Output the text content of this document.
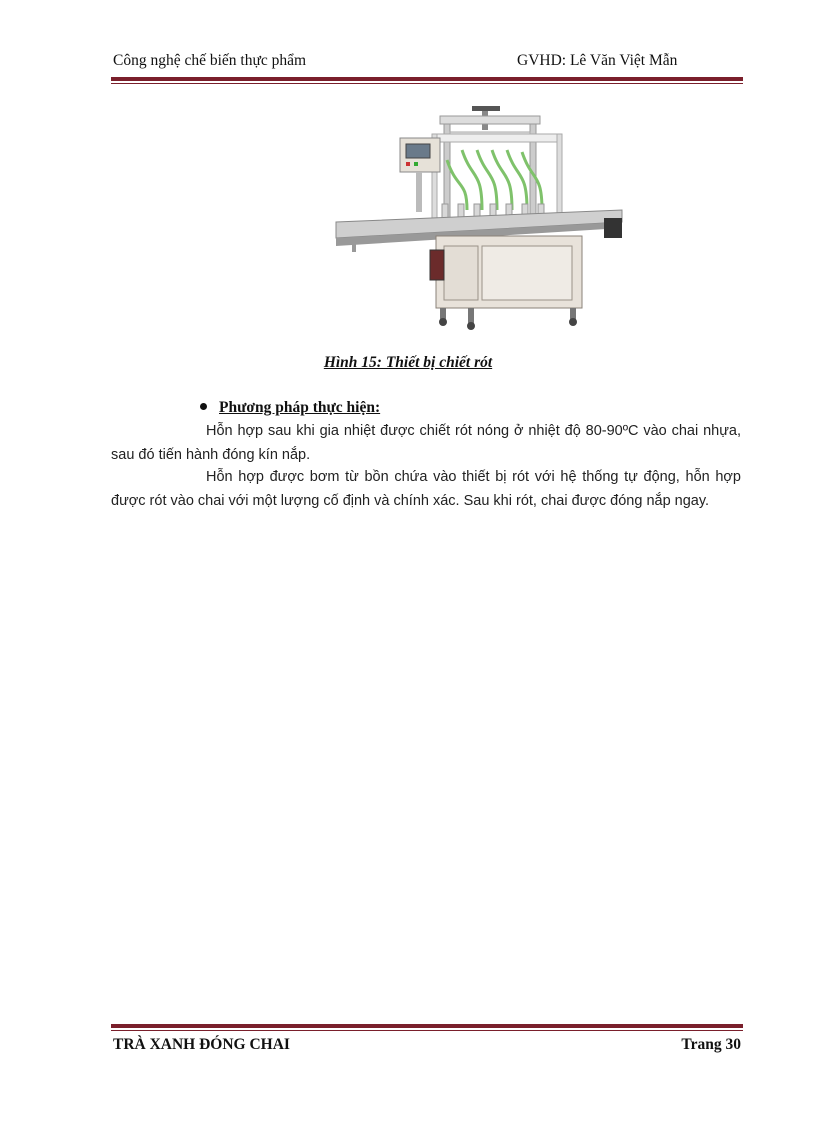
Công nghệ chế biến thực phẩm	GVHD: Lê Văn Việt Mẫn
Hình 15: Thiết bị chiết rót
Phương pháp thực hiện:
Hỗn hợp sau khi gia nhiệt được chiết rót nóng ở nhiệt độ 80-90ºC vào chai nhựa, sau đó tiến hành đóng kín nắp.
Hỗn hợp được bơm từ bồn chứa vào thiết bị rót với hệ thống tự động, hỗn hợp được rót vào chai với một lượng cố định và chính xác. Sau khi rót, chai được đóng nắp ngay.
TRÀ XANH ĐÓNG CHAI	Trang 30
